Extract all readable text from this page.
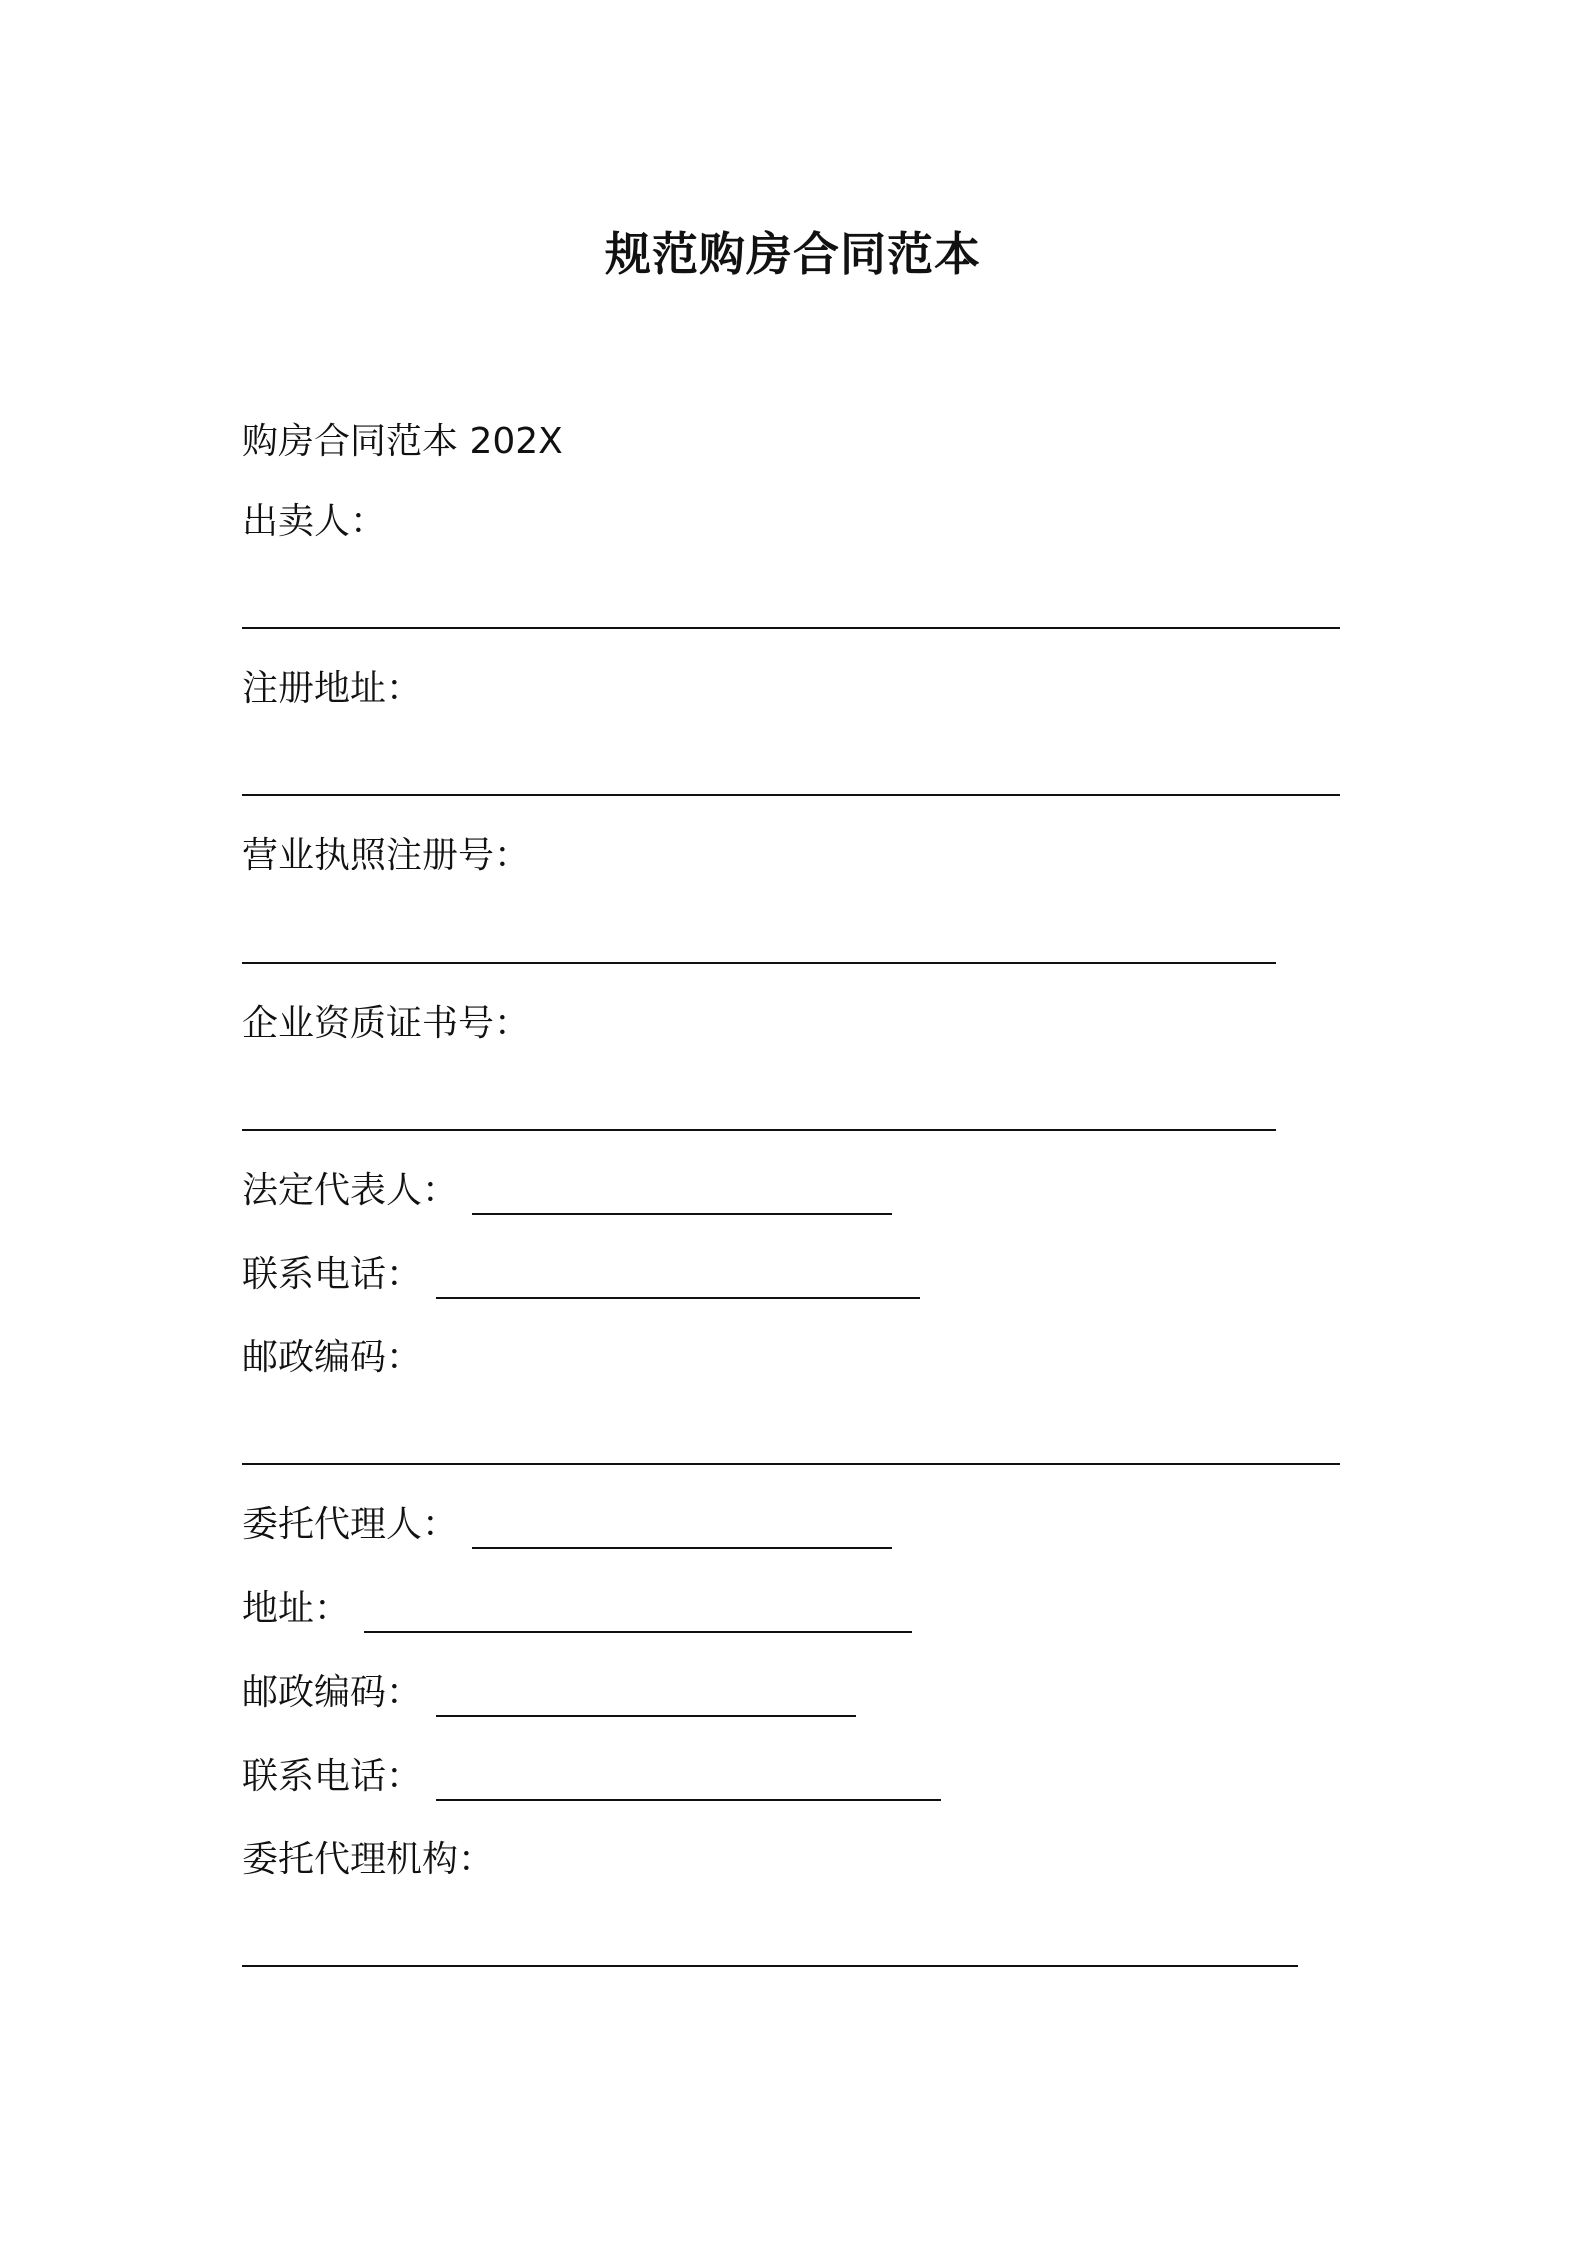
规范购房合同范本
购房合同范本 202X
出卖人：
注册地址：
营业执照注册号：
企业资质证书号：
法定代表人：
联系电话：
邮政编码：
委托代理人：
地址：
邮政编码：
联系电话：
委托代理机构：
